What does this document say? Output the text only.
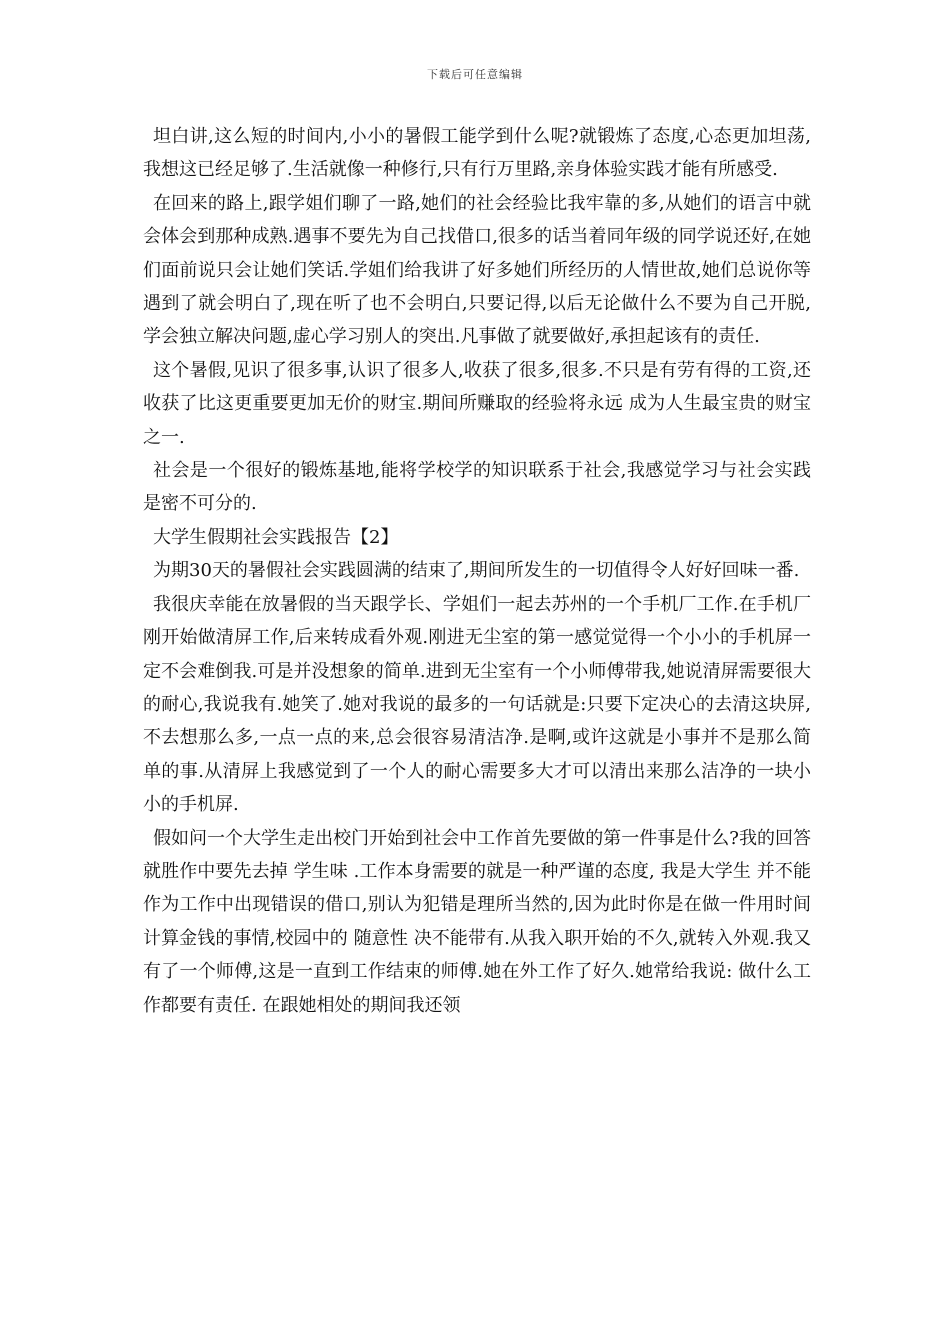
下载后可任意编辑

坦白讲,这么短的时间内,小小的暑假工能学到什么呢?就锻炼了态度,心态更加坦荡,我想这已经足够了.生活就像一种修行,只有行万里路,亲身体验实践才能有所感受.

在回来的路上,跟学姐们聊了一路,她们的社会经验比我牢靠的多,从她们的语言中就会体会到那种成熟.遇事不要先为自己找借口,很多的话当着同年级的同学说还好,在她们面前说只会让她们笑话.学姐们给我讲了好多她们所经历的人情世故,她们总说你等遇到了就会明白了,现在听了也不会明白,只要记得,以后无论做什么不要为自己开脱,学会独立解决问题,虚心学习别人的突出.凡事做了就要做好,承担起该有的责任.

这个暑假,见识了很多事,认识了很多人,收获了很多,很多.不只是有劳有得的工资,还收获了比这更重要更加无价的财宝.期间所赚取的经验将永远 成为人生最宝贵的财宝之一.

社会是一个很好的锻炼基地,能将学校学的知识联系于社会,我感觉学习与社会实践是密不可分的.

大学生假期社会实践报告【2】

为期30天的暑假社会实践圆满的结束了,期间所发生的一切值得令人好好回味一番.

我很庆幸能在放暑假的当天跟学长、学姐们一起去苏州的一个手机厂工作.在手机厂刚开始做清屏工作,后来转成看外观.刚进无尘室的第一感觉觉得一个小小的手机屏一定不会难倒我.可是并没想象的简单.进到无尘室有一个小师傅带我,她说清屏需要很大的耐心,我说我有.她笑了.她对我说的最多的一句话就是:只要下定决心的去清这块屏,不去想那么多,一点一点的来,总会很容易清洁净.是啊,或许这就是小事并不是那么简单的事.从清屏上我感觉到了一个人的耐心需要多大才可以清出来那么洁净的一块小小的手机屏.

假如问一个大学生走出校门开始到社会中工作首先要做的第一件事是什么?我的回答就胜作中要先去掉 学生味 .工作本身需要的就是一种严谨的态度, 我是大学生 并不能作为工作中出现错误的借口,别认为犯错是理所当然的,因为此时你是在做一件用时间计算金钱的事情,校园中的 随意性 决不能带有.从我入职开始的不久,就转入外观.我又有了一个师傅,这是一直到工作结束的师傅.她在外工作了好久.她常给我说: 做什么工作都要有责任. 在跟她相处的期间我还领
